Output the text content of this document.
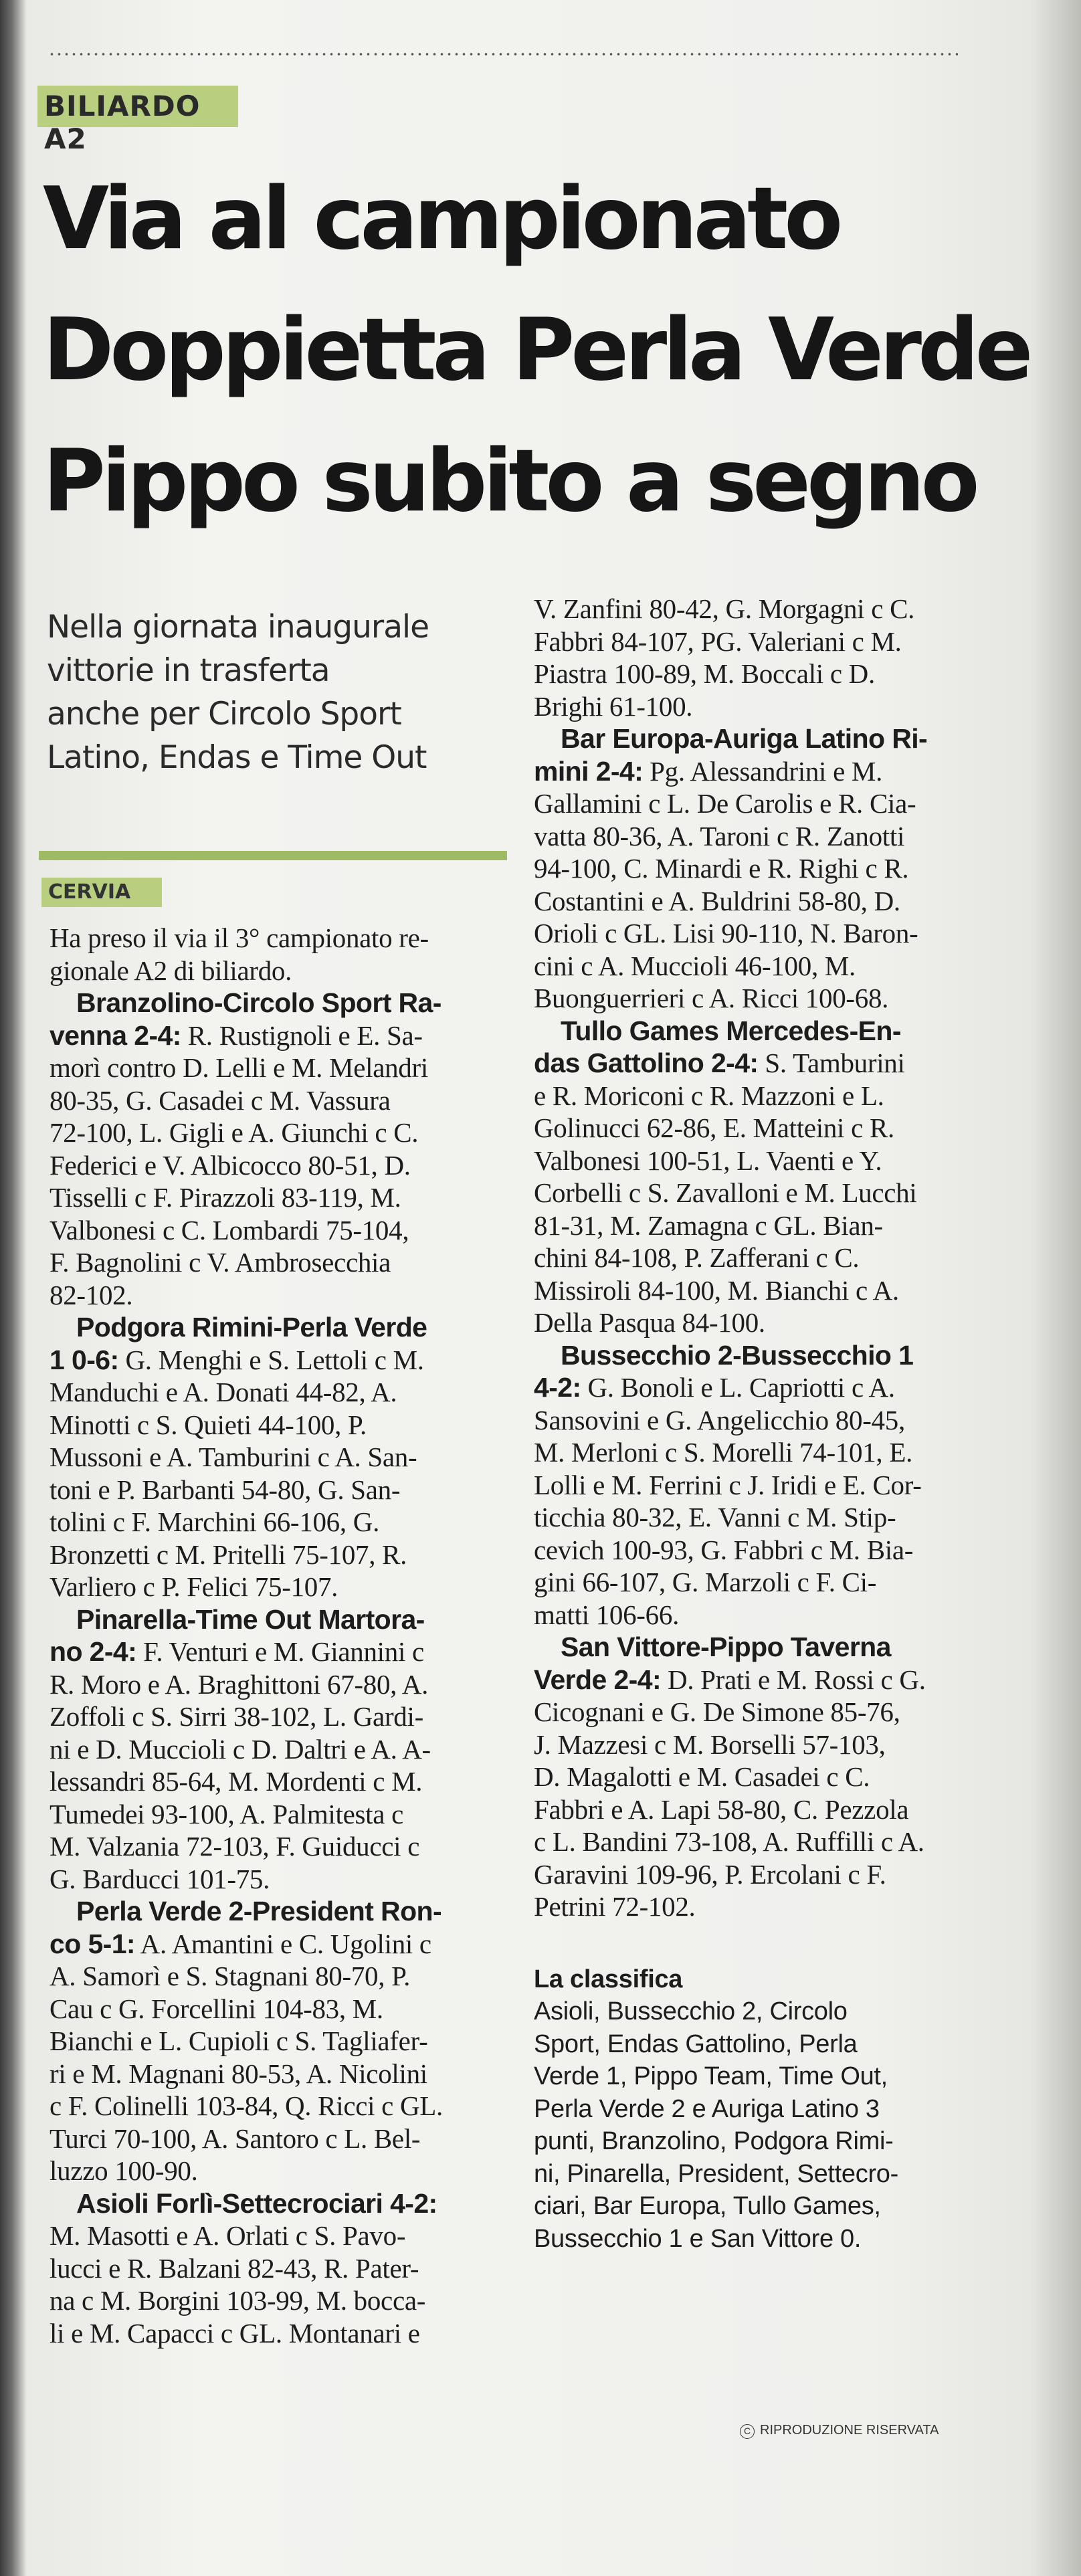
BILIARDO A2
Via al campionato
Doppietta Perla Verde
Pippo subito a segno
Nella giornata inaugurale
vittorie in trasferta
anche per Circolo Sport
Latino, Endas e Time Out
CERVIA
Ha preso il via il 3° campionato re-
gionale A2 di biliardo.
Branzolino-Circolo Sport Ra-
venna 2-4: R. Rustignoli e E. Sa-
morì contro D. Lelli e M. Melandri
80-35, G. Casadei c M. Vassura
72-100, L. Gigli e A. Giunchi c C.
Federici e V. Albicocco 80-51, D.
Tisselli c F. Pirazzoli 83-119, M.
Valbonesi c C. Lombardi 75-104,
F. Bagnolini c V. Ambrosecchia
82-102.
Podgora Rimini-Perla Verde
1 0-6: G. Menghi e S. Lettoli c M.
Manduchi e A. Donati 44-82, A.
Minotti c S. Quieti 44-100, P.
Mussoni e A. Tamburini c A. San-
toni e P. Barbanti 54-80, G. San-
tolini c F. Marchini 66-106, G.
Bronzetti c M. Pritelli 75-107, R.
Varliero c P. Felici 75-107.
Pinarella-Time Out Martora-
no 2-4: F. Venturi e M. Giannini c
R. Moro e A. Braghittoni 67-80, A.
Zoffoli c S. Sirri 38-102, L. Gardi-
ni e D. Muccioli c D. Daltri e A. A-
lessandri 85-64, M. Mordenti c M.
Tumedei 93-100, A. Palmitesta c
M. Valzania 72-103, F. Guiducci c
G. Barducci 101-75.
Perla Verde 2-President Ron-
co 5-1: A. Amantini e C. Ugolini c
A. Samorì e S. Stagnani 80-70, P.
Cau c G. Forcellini 104-83, M.
Bianchi e L. Cupioli c S. Tagliafer-
ri e M. Magnani 80-53, A. Nicolini
c F. Colinelli 103-84, Q. Ricci c GL.
Turci 70-100, A. Santoro c L. Bel-
luzzo 100-90.
Asioli Forlì-Settecrociari 4-2:
M. Masotti e A. Orlati c S. Pavo-
lucci e R. Balzani 82-43, R. Pater-
na c M. Borgini 103-99, M. bocca-
li e M. Capacci c GL. Montanari e
V. Zanfini 80-42, G. Morgagni c C.
Fabbri 84-107, PG. Valeriani c M.
Piastra 100-89, M. Boccali c D.
Brighi 61-100.
Bar Europa-Auriga Latino Ri-
mini 2-4: Pg. Alessandrini e M.
Gallamini c L. De Carolis e R. Cia-
vatta 80-36, A. Taroni c R. Zanotti
94-100, C. Minardi e R. Righi c R.
Costantini e A. Buldrini 58-80, D.
Orioli c GL. Lisi 90-110, N. Baron-
cini c A. Muccioli 46-100, M.
Buonguerrieri c A. Ricci 100-68.
Tullo Games Mercedes-En-
das Gattolino 2-4: S. Tamburini
e R. Moriconi c R. Mazzoni e L.
Golinucci 62-86, E. Matteini c R.
Valbonesi 100-51, L. Vaenti e Y.
Corbelli c S. Zavalloni e M. Lucchi
81-31, M. Zamagna c GL. Bian-
chini 84-108, P. Zafferani c C.
Missiroli 84-100, M. Bianchi c A.
Della Pasqua 84-100.
Bussecchio 2-Bussecchio 1
4-2: G. Bonoli e L. Capriotti c A.
Sansovini e G. Angelicchio 80-45,
M. Merloni c S. Morelli 74-101, E.
Lolli e M. Ferrini c J. Iridi e E. Cor-
ticchia 80-32, E. Vanni c M. Stip-
cevich 100-93, G. Fabbri c M. Bia-
gini 66-107, G. Marzoli c F. Ci-
matti 106-66.
San Vittore-Pippo Taverna
Verde 2-4: D. Prati e M. Rossi c G.
Cicognani e G. De Simone 85-76,
J. Mazzesi c M. Borselli 57-103,
D. Magalotti e M. Casadei c C.
Fabbri e A. Lapi 58-80, C. Pezzola
c L. Bandini 73-108, A. Ruffilli c A.
Garavini 109-96, P. Ercolani c F.
Petrini 72-102.
La classifica
Asioli, Bussecchio 2, Circolo
Sport, Endas Gattolino, Perla
Verde 1, Pippo Team, Time Out,
Perla Verde 2 e Auriga Latino 3
punti, Branzolino, Podgora Rimi-
ni, Pinarella, President, Settecro-
ciari, Bar Europa, Tullo Games,
Bussecchio 1 e San Vittore 0.
C RIPRODUZIONE RISERVATA
